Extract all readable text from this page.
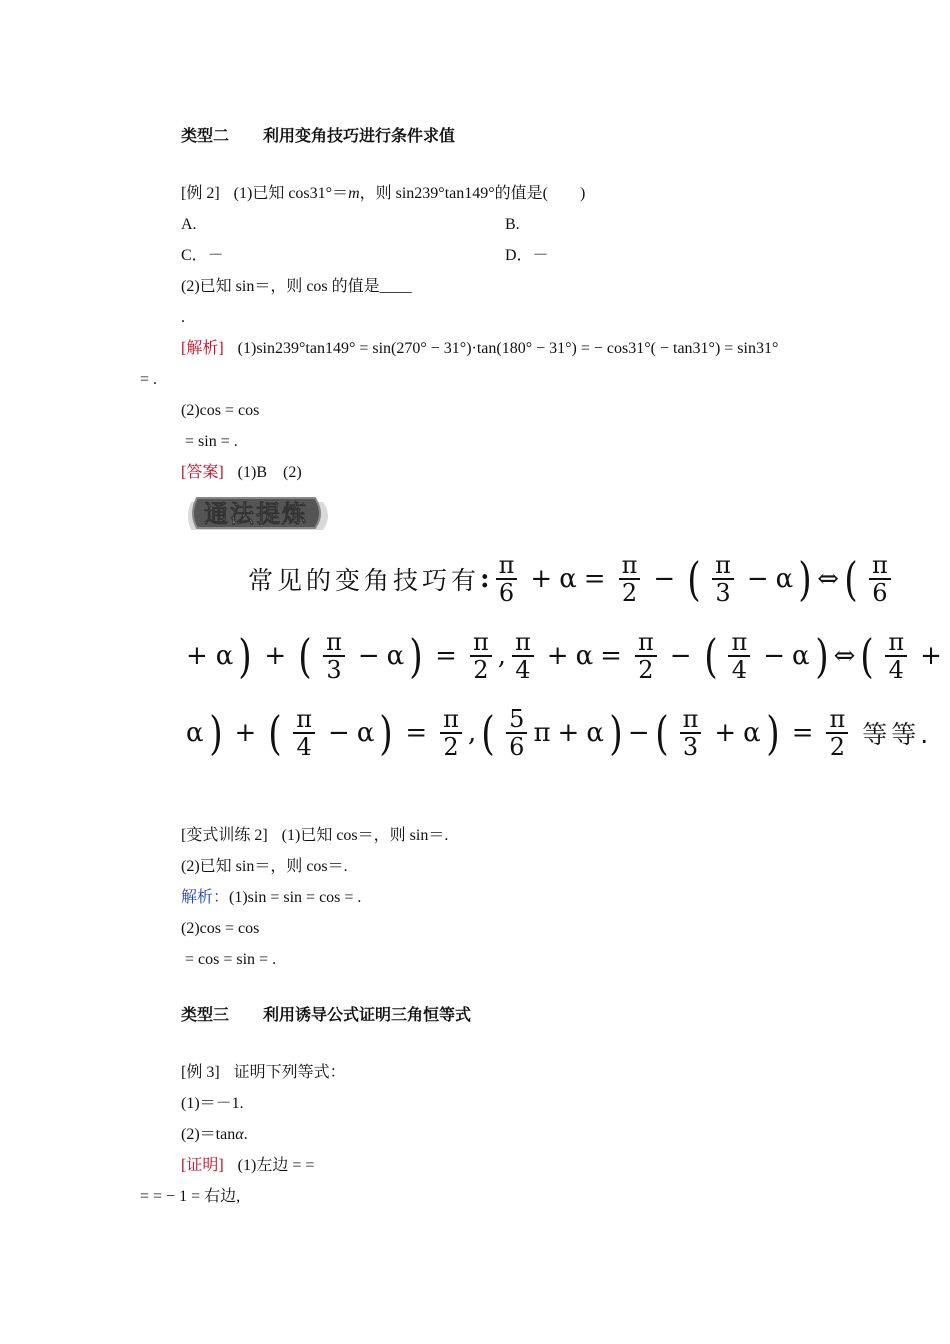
类型二 利用变角技巧进行条件求值
[例 2] (1)已知 cos31°＝m，则 sin239°tan149°的值是(　　)
A.	B.
C．－	D．－
(2)已知 sin＝，则 cos 的值是____
.
[解析] (1)sin239°tan149° = sin(270° − 31°)·tan(180° − 31°) = − cos31°( − tan31°) = sin31°
= .
(2)cos = cos
= sin = .
[答案] (1)B　(2)
通法提炼
常见的变角技巧有 : $\frac{\pi}{6} + \alpha = \frac{\pi}{2}$ − ( $\frac{\pi}{3} - \alpha$ ) ⇔ ( $\frac{\pi}{6}$
+ α ) + ( $\frac{\pi}{3} - \alpha$ ) = $\frac{\pi}{2}$ , $\frac{\pi}{4} + \alpha = \frac{\pi}{2}$ − ( $\frac{\pi}{4} - \alpha$ ) ⇔ ( $\frac{\pi}{4}$ +
α ) + ( $\frac{\pi}{4} - \alpha$ ) = $\frac{\pi}{2}$ , ( $\frac{5}{6}$ π + α ) − ( $\frac{\pi}{3} + \alpha$ ) = $\frac{\pi}{2}$ 等等.
[变式训练 2] (1)已知 cos＝，则 sin＝.
(2)已知 sin＝，则 cos＝.
解析：(1)sin = sin = cos = .
(2)cos = cos
= cos = sin = .
类型三 利用诱导公式证明三角恒等式
[例 3] 证明下列等式：
(1)＝－1.
(2)＝tanα.
[证明] (1)左边 = =
= = − 1 = 右边,
